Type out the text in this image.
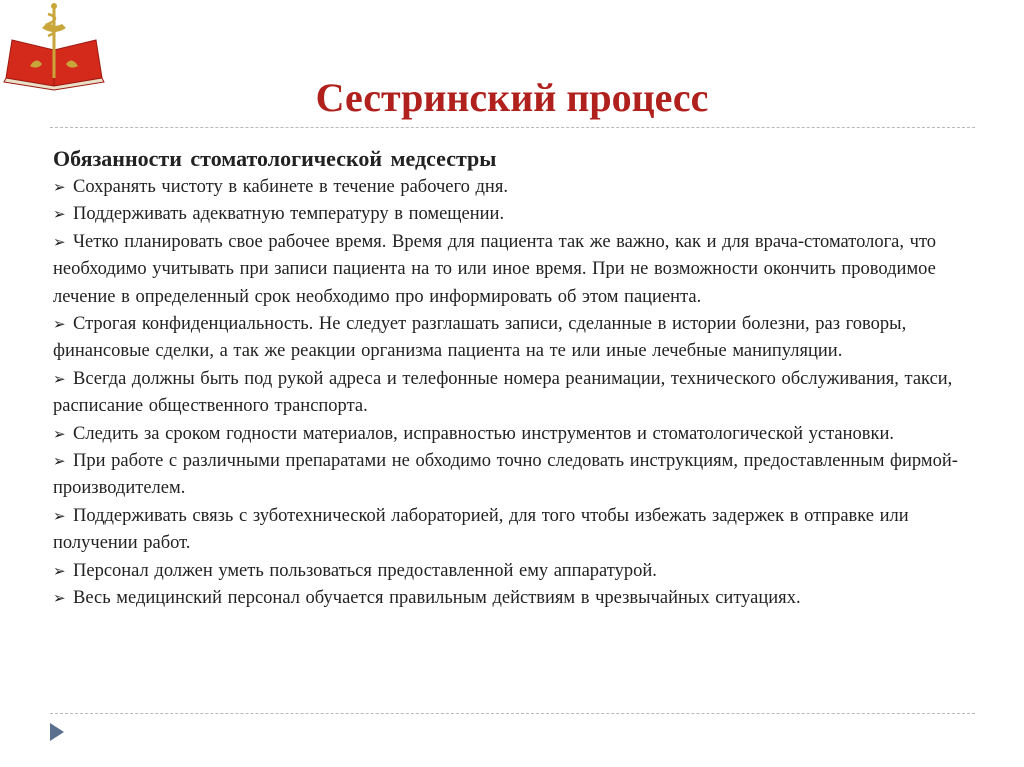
Сестринский процесс
Обязанности стоматологической медсестры
➢ Сохранять чистоту в кабинете в течение рабочего дня.
➢ Поддерживать адекватную температуру в помещении.
➢ Четко планировать свое рабочее время. Время для пациента так же важно, как и для врача-стоматолога, что необходимо учитывать при записи пациента на то или иное время. При не возможности окончить проводимое лечение в определенный срок необходимо про информировать об этом пациента.
➢ Строгая конфиденциальность. Не следует разглашать записи, сделанные в истории болезни, раз говоры, финансовые сделки, а так же реакции организма пациента на те или иные лечебные манипуляции.
➢ Всегда должны быть под рукой адреса и телефонные номера реанимации, технического обслуживания, такси, расписание общественного транспорта.
➢ Следить за сроком годности материалов, исправностью инструментов и стоматологической установки.
➢ При работе с различными препаратами не обходимо точно следовать инструкциям, предоставленным фирмой-производителем.
➢ Поддерживать связь с зуботехнической лабораторией, для того чтобы избежать задержек в отправке или получении работ.
➢ Персонал должен уметь пользоваться предоставленной ему аппаратурой.
➢ Весь медицинский персонал обучается правильным действиям в чрезвычайных ситуациях.
